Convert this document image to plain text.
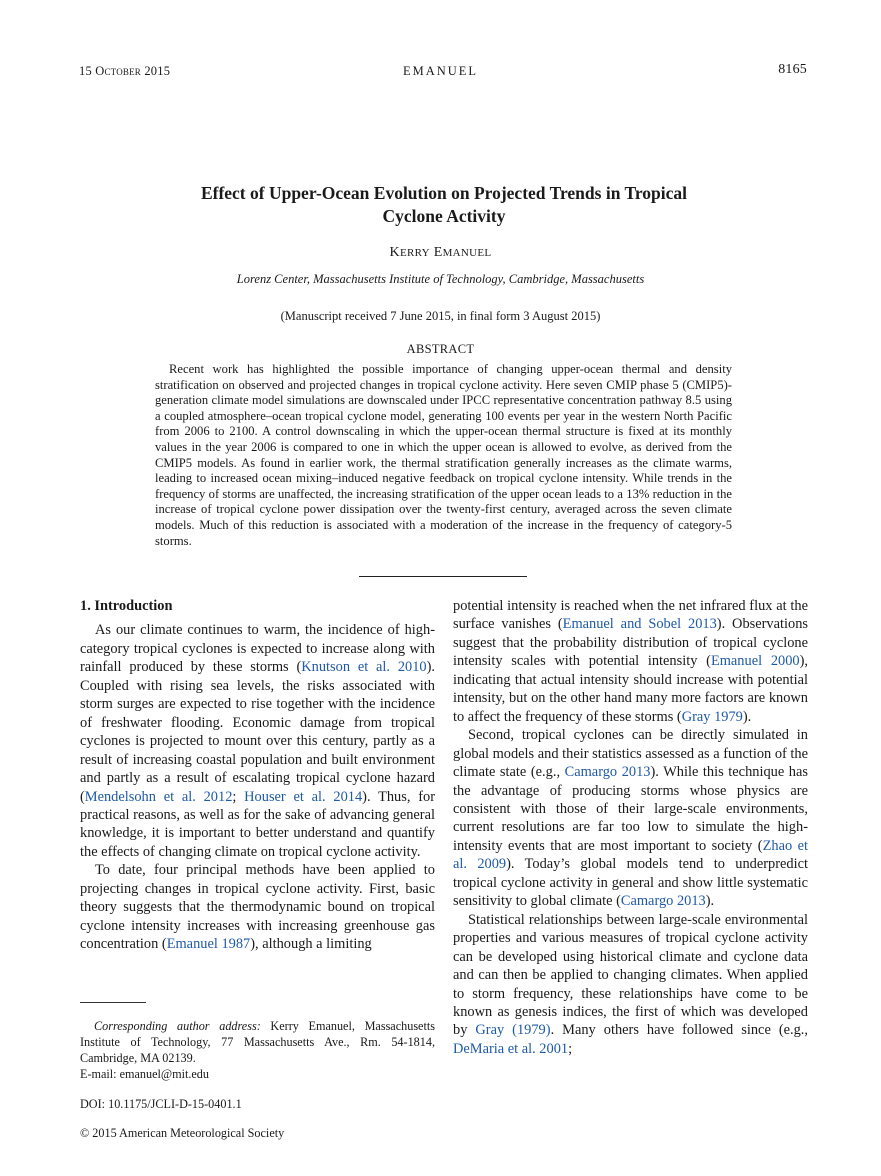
15 October 2015	EMANUEL	8165
Effect of Upper-Ocean Evolution on Projected Trends in Tropical
Cyclone Activity
KERRY EMANUEL
Lorenz Center, Massachusetts Institute of Technology, Cambridge, Massachusetts
(Manuscript received 7 June 2015, in final form 3 August 2015)
ABSTRACT
Recent work has highlighted the possible importance of changing upper-ocean thermal and density stratification on observed and projected changes in tropical cyclone activity. Here seven CMIP phase 5 (CMIP5)-generation climate model simulations are downscaled under IPCC representative concentration pathway 8.5 using a coupled atmosphere–ocean tropical cyclone model, generating 100 events per year in the western North Pacific from 2006 to 2100. A control downscaling in which the upper-ocean thermal structure is fixed at its monthly values in the year 2006 is compared to one in which the upper ocean is allowed to evolve, as derived from the CMIP5 models. As found in earlier work, the thermal stratification generally increases as the climate warms, leading to increased ocean mixing–induced negative feedback on tropical cyclone intensity. While trends in the frequency of storms are unaffected, the increasing stratification of the upper ocean leads to a 13% reduction in the increase of tropical cyclone power dissipation over the twenty-first century, averaged across the seven climate models. Much of this reduction is associated with a moderation of the increase in the frequency of category-5 storms.
1. Introduction

As our climate continues to warm, the incidence of high-category tropical cyclones is expected to increase along with rainfall produced by these storms (Knutson et al. 2010). Coupled with rising sea levels, the risks associated with storm surges are expected to rise together with the incidence of freshwater flooding. Economic damage from tropical cyclones is projected to mount over this century, partly as a result of increasing coastal population and built environment and partly as a result of escalating tropical cyclone hazard (Mendelsohn et al. 2012; Houser et al. 2014). Thus, for practical reasons, as well as for the sake of advancing general knowledge, it is important to better understand and quantify the effects of changing climate on tropical cyclone activity.

To date, four principal methods have been applied to projecting changes in tropical cyclone activity. First, basic theory suggests that the thermodynamic bound on tropical cyclone intensity increases with increasing greenhouse gas concentration (Emanuel 1987), although a limiting

potential intensity is reached when the net infrared flux at the surface vanishes (Emanuel and Sobel 2013). Observations suggest that the probability distribution of tropical cyclone intensity scales with potential intensity (Emanuel 2000), indicating that actual intensity should increase with potential intensity, but on the other hand many more factors are known to affect the frequency of these storms (Gray 1979).

Second, tropical cyclones can be directly simulated in global models and their statistics assessed as a function of the climate state (e.g., Camargo 2013). While this technique has the advantage of producing storms whose physics are consistent with those of their large-scale environments, current resolutions are far too low to simulate the high-intensity events that are most important to society (Zhao et al. 2009). Today’s global models tend to underpredict tropical cyclone activity in general and show little systematic sensitivity to global climate (Camargo 2013).

Statistical relationships between large-scale environmental properties and various measures of tropical cyclone activity can be developed using historical climate and cyclone data and can then be applied to changing climates. When applied to storm frequency, these relationships have come to be known as genesis indices, the first of which was developed by Gray (1979). Many others have followed since (e.g., DeMaria et al. 2001;

Corresponding author address: Kerry Emanuel, Massachusetts Institute of Technology, 77 Massachusetts Ave., Rm. 54-1814, Cambridge, MA 02139.
E-mail: emanuel@mit.edu
DOI: 10.1175/JCLI-D-15-0401.1
© 2015 American Meteorological Society
